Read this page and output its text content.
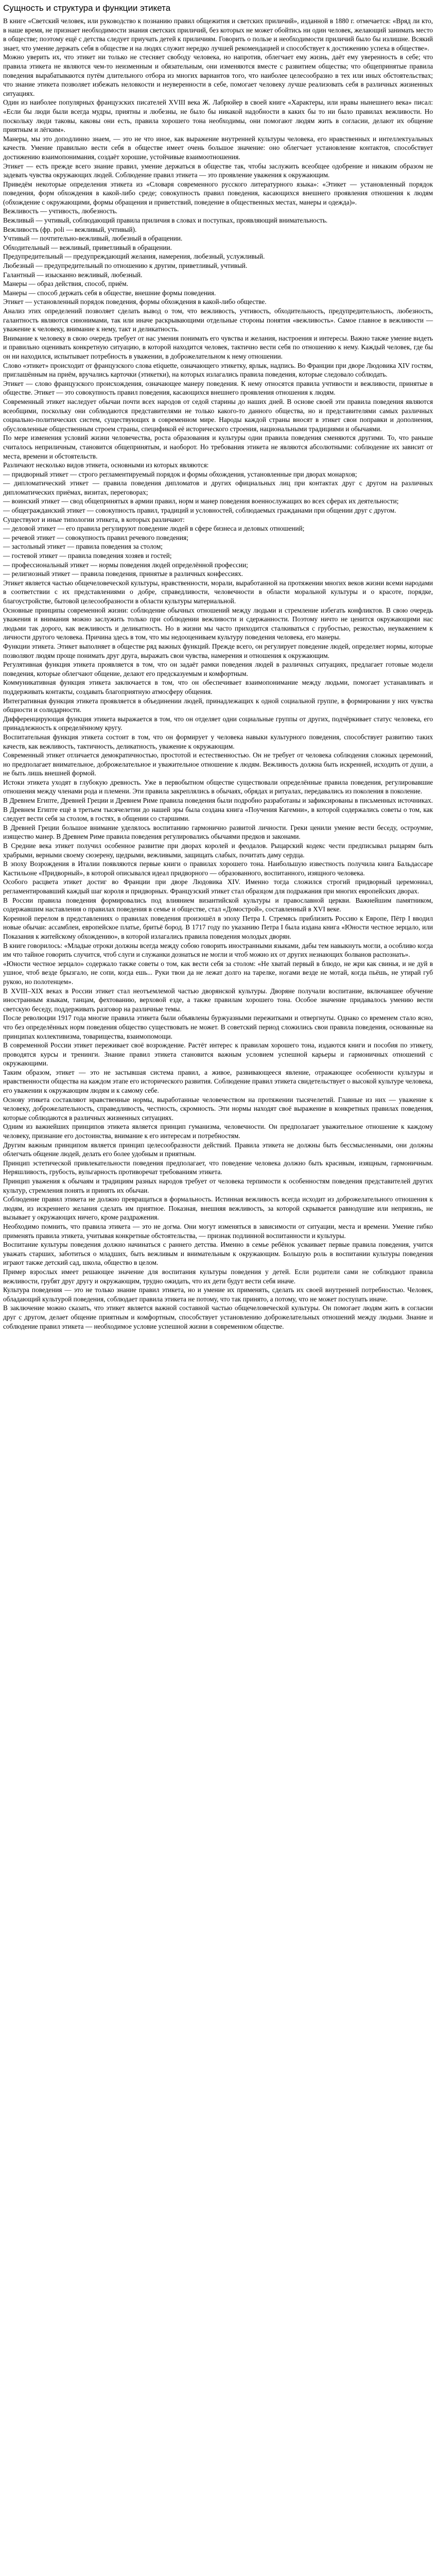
Сущность и структура и функции этикета

В книге «Светский человек, или руководство к познанию правил общежития и светских приличий», изданной в 1880 г. отмечается: «Вряд ли кто, в наше время, не признает необходимости знания светских приличий, без которых не может обойтись ни один человек, желающий занимать место в обществе; поэтому ещё с детства следует приучать детей к приличиям. Говорить о пользе и необходимости приличий было бы излишне. Всякий знает, что умение держать себя в обществе и на людях служит нередко лучшей рекомендацией и способствует к достижению успеха в обществе».

Можно уверить их, что этикет ни только не стесняет свободу человека, но напротив, облегчает ему жизнь, даёт ему уверенность в себе; что правила этикета не являются чем-то неизменным и обязательным, они изменяются вместе с развитием общества; что общепринятые правила поведения вырабатываются путём длительного отбора из многих вариантов того, что наиболее целесообразно в тех или иных обстоятельствах; что знание этикета позволяет избежать неловкости и неуверенности в себе, помогает человеку лучше реализовать себя в различных жизненных ситуациях.

Один из наиболее популярных французских писателей XVIII века Ж. Лабрюйер в своей книге «Характеры, или нравы нынешнего века» писал: «Если бы люди были всегда мудры, приятны и любезны, не было бы никакой надобности в каких бы то ни было правилах вежливости. Но поскольку люди таковы, каковы они есть, правила хорошего тона необходимы, они помогают людям жить в согласии, делают их общение приятным и лёгким».

Манеры, мы это доподлинно знаем, — это не что иное, как выражение внутренней культуры человека, его нравственных и интеллектуальных качеств. Умение правильно вести себя в обществе имеет очень большое значение: оно облегчает установление контактов, способствует достижению взаимопонимания, создаёт хорошие, устойчивые взаимоотношения.

Этикет — есть прежде всего знание правил, умение держаться в обществе так, чтобы заслужить всеобщее одобрение и никаким образом не задевать чувства окружающих людей. Соблюдение правил этикета — это проявление уважения к окружающим.

Приведём некоторые определения этикета из «Словаря современного русского литературного языка»: «Этикет — установленный порядок поведения, форм обхождения в какой-либо среде; совокупность правил поведения, касающихся внешнего проявления отношения к людям (обхождение с окружающими, формы обращения и приветствий, поведение в общественных местах, манеры и одежда)».

Вежливость — учтивость, любезность.

Вежливый — учтивый, соблюдающий правила приличия в словах и поступках, проявляющий внимательность.

Вежливость (фр. poli — вежливый, учтивый).

Учтивый — почтительно-вежливый, любезный в обращении.

Обходительный — вежливый, приветливый в обращении.

Предупредительный — предупреждающий желания, намерения, любезный, услужливый.

Любезный — предупредительный по отношению к другим, приветливый, учтивый.

Галантный — изысканно вежливый, любезный.

Манеры — образ действия, способ, приём.

Манеры — способ держать себя в обществе, внешние формы поведения.

Этикет — установленный порядок поведения, формы обхождения в какой-либо обществе.

Анализ этих определений позволяет сделать вывод о том, что вежливость, учтивость, обходительность, предупредительность, любезность, галантность являются синонимами, так или иначе раскрывающими отдельные стороны понятия «вежливость». Самое главное в вежливости — уважение к человеку, внимание к нему, такт и деликатность.

Внимание к человеку в свою очередь требует от нас умения понимать его чувства и желания, настроения и интересы. Важно также умение видеть и правильно оценивать конкретную ситуацию, в которой находится человек, тактично вести себя по отношению к нему. Каждый человек, где бы он ни находился, испытывает потребность в уважении, в доброжелательном к нему отношении.

Слово «этикет» происходит от французского слова etiquette, означающего этикетку, ярлык, надпись. Во Франции при дворе Людовика XIV гостям, приглашённым на приём, вручались карточки (этикетки), на которых излагались правила поведения, которые следовало соблюдать.

Этикет — слово французского происхождения, означающее манеру поведения. К нему относятся правила учтивости и вежливости, принятые в обществе. Этикет — это совокупность правил поведения, касающихся внешнего проявления отношения к людям.

Современный этикет наследует обычаи почти всех народов от седой старины до наших дней. В основе своей эти правила поведения являются всеобщими, поскольку они соблюдаются представителями не только какого-то данного общества, но и представителями самых различных социально-политических систем, существующих в современном мире. Народы каждой страны вносят в этикет свои поправки и дополнения, обусловленные общественным строем страны, спецификой её исторического строения, национальными традициями и обычаями.

По мере изменения условий жизни человечества, роста образования и культуры одни правила поведения сменяются другими. То, что раньше считалось неприличным, становится общепринятым, и наоборот. Но требования этикета не являются абсолютными: соблюдение их зависит от места, времени и обстоятельств.

Различают несколько видов этикета, основными из которых являются:

— придворный этикет — строго регламентируемый порядок и формы обхождения, установленные при дворах монархов;

— дипломатический этикет — правила поведения дипломатов и других официальных лиц при контактах друг с другом на различных дипломатических приёмах, визитах, переговорах;

— воинский этикет — свод общепринятых в армии правил, норм и манер поведения военнослужащих во всех сферах их деятельности;

— общегражданский этикет — совокупность правил, традиций и условностей, соблюдаемых гражданами при общении друг с другом.

Существуют и иные типологии этикета, в которых различают:

— деловой этикет — его правила регулируют поведение людей в сфере бизнеса и деловых отношений;

— речевой этикет — совокупность правил речевого поведения;

— застольный этикет — правила поведения за столом;

— гостевой этикет — правила поведения хозяев и гостей;

— профессиональный этикет — нормы поведения людей определённой профессии;

— религиозный этикет — правила поведения, принятые в различных конфессиях.

Этикет является частью общечеловеческой культуры, нравственности, морали, выработанной на протяжении многих веков жизни всеми народами в соответствии с их представлениями о добре, справедливости, человечности в области моральной культуры и о красоте, порядке, благоустройстве, бытовой целесообразности в области культуры материальной.

Основные принципы современной жизни: соблюдение обычных отношений между людьми и стремление избегать конфликтов. В свою очередь уважения и внимания можно заслужить только при соблюдении вежливости и сдержанности. Поэтому ничто не ценится окружающими нас людьми так дорого, как вежливость и деликатность. Но в жизни мы часто приходится сталкиваться с грубостью, резкостью, неуважением к личности другого человека. Причина здесь в том, что мы недооцениваем культуру поведения человека, его манеры.

Функции этикета. Этикет выполняет в обществе ряд важных функций. Прежде всего, он регулирует поведение людей, определяет нормы, которые позволяют людям проще понимать друг друга, выражать свои чувства, намерения и отношения к окружающим.

Регулятивная функция этикета проявляется в том, что он задаёт рамки поведения людей в различных ситуациях, предлагает готовые модели поведения, которые облегчают общение, делают его предсказуемым и комфортным.

Коммуникативная функция этикета заключается в том, что он обеспечивает взаимопонимание между людьми, помогает устанавливать и поддерживать контакты, создавать благоприятную атмосферу общения.

Интегративная функция этикета проявляется в объединении людей, принадлежащих к одной социальной группе, в формировании у них чувства общности и солидарности.

Дифференцирующая функция этикета выражается в том, что он отделяет одни социальные группы от других, подчёркивает статус человека, его принадлежность к определённому кругу.

Воспитательная функция этикета состоит в том, что он формирует у человека навыки культурного поведения, способствует развитию таких качеств, как вежливость, тактичность, деликатность, уважение к окружающим.

Современный этикет отличается демократичностью, простотой и естественностью. Он не требует от человека соблюдения сложных церемоний, но предполагает внимательное, доброжелательное и уважительное отношение к людям. Вежливость должна быть искренней, исходить от души, а не быть лишь внешней формой.

Истоки этикета уходят в глубокую древность. Уже в первобытном обществе существовали определённые правила поведения, регулировавшие отношения между членами рода и племени. Эти правила закреплялись в обычаях, обрядах и ритуалах, передавались из поколения в поколение.

В Древнем Египте, Древней Греции и Древнем Риме правила поведения были подробно разработаны и зафиксированы в письменных источниках. В Древнем Египте ещё в третьем тысячелетии до нашей эры была создана книга «Поучения Кагемни», в которой содержались советы о том, как следует вести себя за столом, в гостях, в общении со старшими.

В Древней Греции большое внимание уделялось воспитанию гармонично развитой личности. Греки ценили умение вести беседу, остроумие, изящество манер. В Древнем Риме правила поведения регулировались обычаями предков и законами.

В Средние века этикет получил особенное развитие при дворах королей и феодалов. Рыцарский кодекс чести предписывал рыцарям быть храбрыми, верными своему сюзерену, щедрыми, вежливыми, защищать слабых, почитать даму сердца.

В эпоху Возрождения в Италии появляются первые книги о правилах хорошего тона. Наибольшую известность получила книга Бальдассаре Кастильоне «Придворный», в которой описывался идеал придворного — образованного, воспитанного, изящного человека.

Особого расцвета этикет достиг во Франции при дворе Людовика XIV. Именно тогда сложился строгий придворный церемониал, регламентировавший каждый шаг короля и придворных. Французский этикет стал образцом для подражания при многих европейских дворах.

В России правила поведения формировались под влиянием византийской культуры и православной церкви. Важнейшим памятником, содержавшим наставления о правилах поведения в семье и обществе, стал «Домострой», составленный в XVI веке.

Коренной перелом в представлениях о правилах поведения произошёл в эпоху Петра I. Стремясь приблизить Россию к Европе, Пётр I вводил новые обычаи: ассамблеи, европейское платье, бритьё бород. В 1717 году по указанию Петра I была издана книга «Юности честное зерцало, или Показания к житейскому обхождению», в которой излагались правила поведения молодых дворян.

В книге говорилось: «Младые отроки должны всегда между собою говорить иностранными языками, дабы тем навыкнуть могли, а особливо когда им что тайное говорить случится, чтоб слуги и служанки дознаться не могли и чтоб можно их от других незнающих болванов распознать».

«Юности честное зерцало» содержало также советы о том, как вести себя за столом: «Не хватай первый в блюдо, не жри как свинья, и не дуй в ушное, чтоб везде брызгало, не сопи, когда ешь... Руки твои да не лежат долго на тарелке, ногами везде не мотай, когда пьёшь, не утирай губ рукою, но полотенцем».

В XVIII–XIX веках в России этикет стал неотъемлемой частью дворянской культуры. Дворяне получали воспитание, включавшее обучение иностранным языкам, танцам, фехтованию, верховой езде, а также правилам хорошего тона. Особое значение придавалось умению вести светскую беседу, поддерживать разговор на различные темы.

После революции 1917 года многие правила этикета были объявлены буржуазными пережитками и отвергнуты. Однако со временем стало ясно, что без определённых норм поведения общество существовать не может. В советский период сложились свои правила поведения, основанные на принципах коллективизма, товарищества, взаимопомощи.

В современной России этикет переживает своё возрождение. Растёт интерес к правилам хорошего тона, издаются книги и пособия по этикету, проводятся курсы и тренинги. Знание правил этикета становится важным условием успешной карьеры и гармоничных отношений с окружающими.

Таким образом, этикет — это не застывшая система правил, а живое, развивающееся явление, отражающее особенности культуры и нравственности общества на каждом этапе его исторического развития. Соблюдение правил этикета свидетельствует о высокой культуре человека, его уважении к окружающим людям и к самому себе.

Основу этикета составляют нравственные нормы, выработанные человечеством на протяжении тысячелетий. Главные из них — уважение к человеку, доброжелательность, справедливость, честность, скромность. Эти нормы находят своё выражение в конкретных правилах поведения, которые соблюдаются в различных жизненных ситуациях.

Одним из важнейших принципов этикета является принцип гуманизма, человечности. Он предполагает уважительное отношение к каждому человеку, признание его достоинства, внимание к его интересам и потребностям.

Другим важным принципом является принцип целесообразности действий. Правила этикета не должны быть бессмысленными, они должны облегчать общение людей, делать его более удобным и приятным.

Принцип эстетической привлекательности поведения предполагает, что поведение человека должно быть красивым, изящным, гармоничным. Неряшливость, грубость, вульгарность противоречат требованиям этикета.

Принцип уважения к обычаям и традициям разных народов требует от человека терпимости к особенностям поведения представителей других культур, стремления понять и принять их обычаи.

Соблюдение правил этикета не должно превращаться в формальность. Истинная вежливость всегда исходит из доброжелательного отношения к людям, из искреннего желания сделать им приятное. Показная, внешняя вежливость, за которой скрывается равнодушие или неприязнь, не вызывает у окружающих ничего, кроме раздражения.

Необходимо помнить, что правила этикета — это не догма. Они могут изменяться в зависимости от ситуации, места и времени. Умение гибко применять правила этикета, учитывая конкретные обстоятельства, — признак подлинной воспитанности и культуры.

Воспитание культуры поведения должно начинаться с раннего детства. Именно в семье ребёнок усваивает первые правила поведения, учится уважать старших, заботиться о младших, быть вежливым и внимательным к окружающим. Большую роль в воспитании культуры поведения играют также детский сад, школа, общество в целом.

Пример взрослых имеет решающее значение для воспитания культуры поведения у детей. Если родители сами не соблюдают правила вежливости, грубят друг другу и окружающим, трудно ожидать, что их дети будут вести себя иначе.

Культура поведения — это не только знание правил этикета, но и умение их применять, сделать их своей внутренней потребностью. Человек, обладающий культурой поведения, соблюдает правила этикета не потому, что так принято, а потому, что не может поступать иначе.

В заключение можно сказать, что этикет является важной составной частью общечеловеческой культуры. Он помогает людям жить в согласии друг с другом, делает общение приятным и комфортным, способствует установлению доброжелательных отношений между людьми. Знание и соблюдение правил этикета — необходимое условие успешной жизни в современном обществе.
